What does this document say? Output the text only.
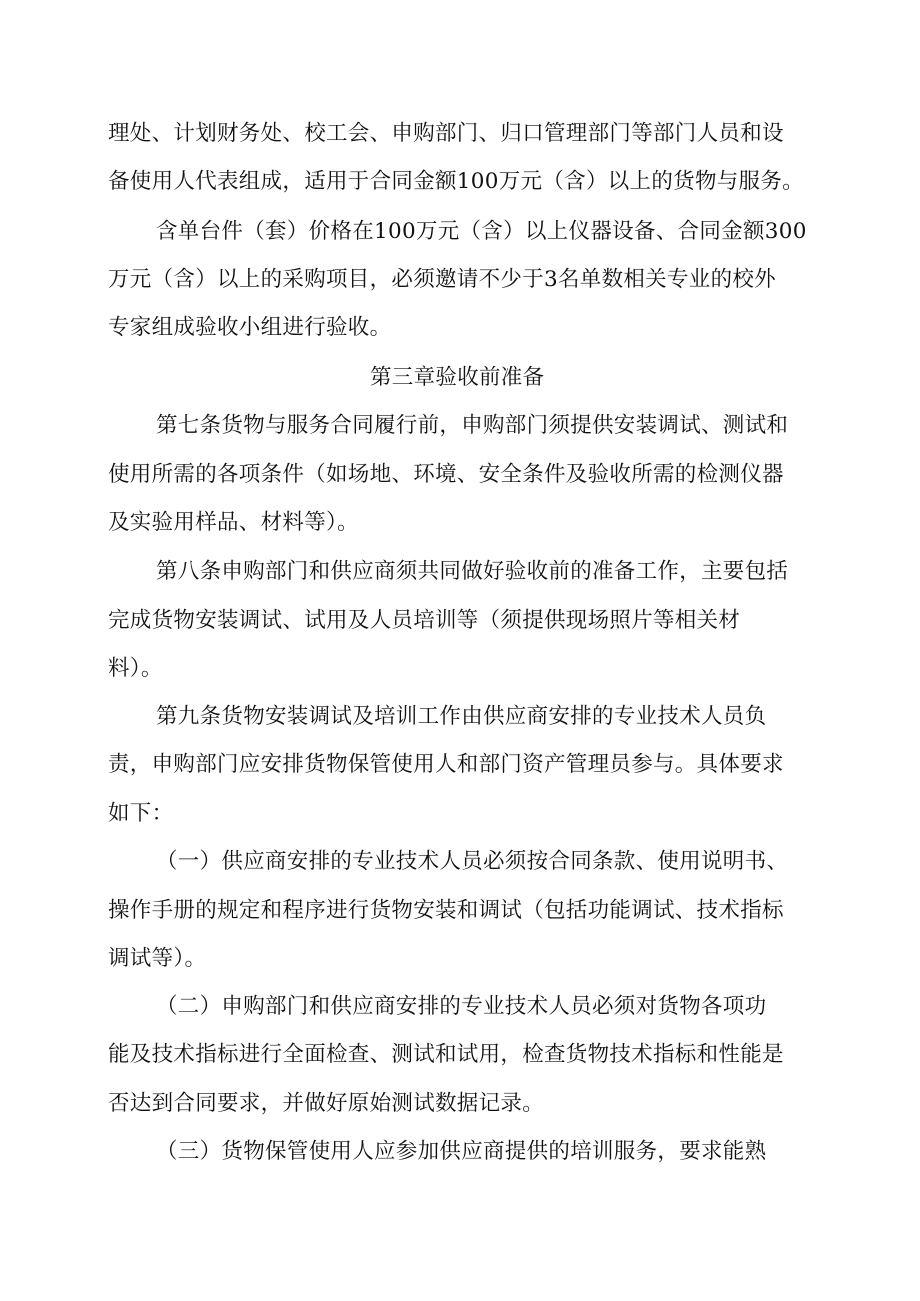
理处、计划财务处、校工会、申购部门、归口管理部门等部门人员和设
备使用人代表组成，适用于合同金额100万元（含）以上的货物与服务。
含单台件（套）价格在100万元（含）以上仪器设备、合同金额300
万元（含）以上的采购项目，必须邀请不少于3名单数相关专业的校外
专家组成验收小组进行验收。
第三章验收前准备
第七条货物与服务合同履行前，申购部门须提供安装调试、测试和
使用所需的各项条件（如场地、环境、安全条件及验收所需的检测仪器
及实验用样品、材料等）。
第八条申购部门和供应商须共同做好验收前的准备工作，主要包括
完成货物安装调试、试用及人员培训等（须提供现场照片等相关材
料）。
第九条货物安装调试及培训工作由供应商安排的专业技术人员负
责，申购部门应安排货物保管使用人和部门资产管理员参与。具体要求
如下：
（一）供应商安排的专业技术人员必须按合同条款、使用说明书、
操作手册的规定和程序进行货物安装和调试（包括功能调试、技术指标
调试等）。
（二）申购部门和供应商安排的专业技术人员必须对货物各项功
能及技术指标进行全面检查、测试和试用，检查货物技术指标和性能是
否达到合同要求，并做好原始测试数据记录。
（三）货物保管使用人应参加供应商提供的培训服务，要求能熟
